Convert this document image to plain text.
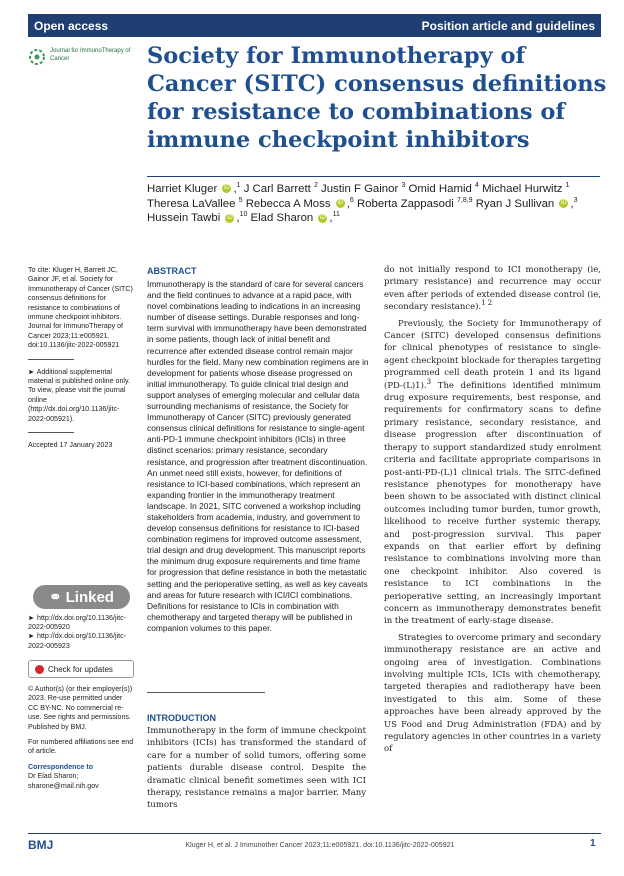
Open access	Position article and guidelines
Journal for ImmunoTherapy of Cancer	Society for Immunotherapy of Cancer (SITC) consensus definitions for resistance to combinations of immune checkpoint inhibitors
Harriet Kluger iD ,$^1$ J Carl Barrett $^2$ Justin F Gainor $^3$ Omid Hamid $^4$ Michael Hurwitz $^1$ Theresa LaVallee $^5$ Rebecca A Moss iD ,$^6$ Roberta Zappasodi $^{7,8,9}$ Ryan J Sullivan iD ,$^3$ Hussein Tawbi iD ,$^{10}$ Elad Sharon iD ,$^{11}$

To cite: Kluger H, Barrett JC, Gainor JF, et al. Society for Immunotherapy of Cancer (SITC) consensus definitions for resistance to combinations of immune checkpoint inhibitors. Journal for ImmunoTherapy of Cancer 2023;11:e005921. doi:10.1136/jitc-2022-005921

► Additional supplemental material is published online only. To view, please visit the journal online (http://dx.doi.org/10.1136/jitc-2022-005921).

Accepted 17 January 2023

⚭ Linked
► http://dx.doi.org/10.1136/jitc-2022-005920
► http://dx.doi.org/10.1136/jitc-2022-005923
Check for updates

© Author(s) (or their employer(s)) 2023. Re-use permitted under CC BY-NC. No commercial re-use. See rights and permissions. Published by BMJ.

For numbered affiliations see end of article.

Correspondence to
Dr Elad Sharon;
sharone@mail.nih.gov

ABSTRACT
Immunotherapy is the standard of care for several cancers and the field continues to advance at a rapid pace, with novel combinations leading to indications in an increasing number of disease settings. Durable responses and long-term survival with immunotherapy have been demonstrated in some patients, though lack of initial benefit and recurrence after extended disease control remain major hurdles for the field. Many new combination regimens are in development for patients whose disease progressed on initial immunotherapy. To guide clinical trial design and support analyses of emerging molecular and cellular data surrounding mechanisms of resistance, the Society for Immunotherapy of Cancer (SITC) previously generated consensus clinical definitions for resistance to single-agent anti-PD-1 immune checkpoint inhibitors (ICIs) in three distinct scenarios: primary resistance, secondary resistance, and progression after treatment discontinuation. An unmet need still exists, however, for definitions of resistance to ICI-based combinations, which represent an expanding frontier in the immunotherapy treatment landscape. In 2021, SITC convened a workshop including stakeholders from academia, industry, and government to develop consensus definitions for resistance to ICI-based combination regimens for improved outcome assessment, trial design and drug development. This manuscript reports the minimum drug exposure requirements and time frame for progression that define resistance in both the metastatic setting and the perioperative setting, as well as key caveats and areas for future research with ICI/ICI combinations. Definitions for resistance to ICIs in combination with chemotherapy and targeted therapy will be published in companion volumes to this paper.
INTRODUCTION
Immunotherapy in the form of immune checkpoint inhibitors (ICIs) has transformed the standard of care for a number of solid tumors, offering some patients durable disease control. Despite the dramatic clinical benefit sometimes seen with ICI therapy, resistance remains a major barrier. Many tumors

do not initially respond to ICI monotherapy (ie, primary resistance) and recurrence may occur even after periods of extended disease control (ie, secondary resistance).$^{1 2}$

Previously, the Society for Immunotherapy of Cancer (SITC) developed consensus definitions for clinical phenotypes of resistance to single-agent checkpoint blockade for therapies targeting programmed cell death protein 1 and its ligand (PD-(L)1).$^3$ The definitions identified minimum drug exposure requirements, best response, and requirements for confirmatory scans to define primary resistance, secondary resistance, and disease progression after discontinuation of therapy to support standardized study enrolment criteria and facilitate appropriate comparisons in post-anti-PD-(L)1 clinical trials. The SITC-defined resistance phenotypes for monotherapy have been shown to be associated with distinct clinical outcomes including tumor burden, tumor growth, likelihood to receive further systemic therapy, and post-progression survival. This paper expands on that earlier effort by defining resistance to combinations involving more than one checkpoint inhibitor. Also covered is resistance to ICI combinations in the perioperative setting, an increasingly important concern as immunotherapy demonstrates benefit in the treatment of early-stage disease.

Strategies to overcome primary and secondary immunotherapy resistance are an active and ongoing area of investigation. Combinations involving multiple ICIs, ICIs with chemotherapy, targeted therapies and radiotherapy have been investigated to this aim. Some of these approaches have been already approved by the US Food and Drug Administration (FDA) and by regulatory agencies in other countries in a variety of

BMJ	Kluger H, et al. J Immunother Cancer 2023;11:e005921. doi:10.1136/jitc-2022-005921	1
